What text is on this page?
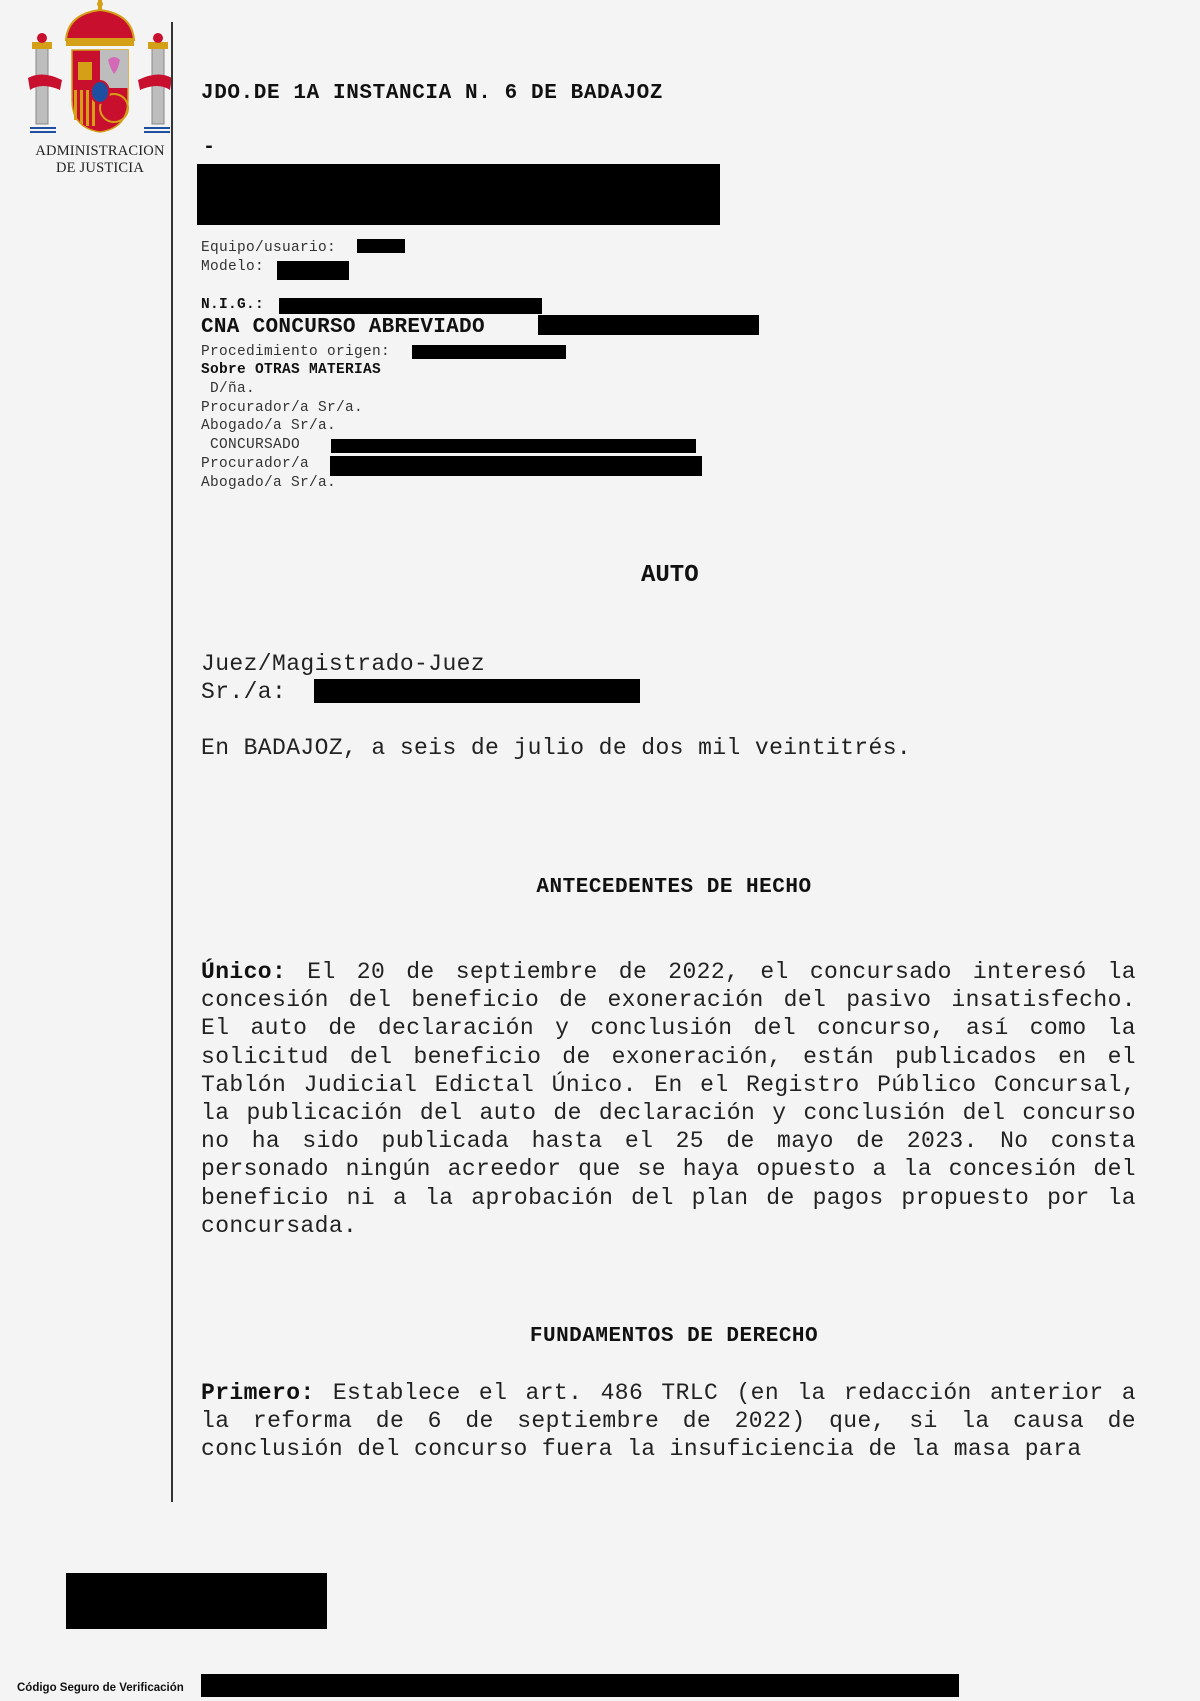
ADMINISTRACION
DE JUSTICIA
JDO.DE 1A INSTANCIA N. 6 DE BADAJOZ
-
Equipo/usuario:
Modelo:
N.I.G.:
CNA CONCURSO ABREVIADO
Procedimiento origen:
Sobre OTRAS MATERIAS
D/ña.
Procurador/a Sr/a.
Abogado/a Sr/a.
CONCURSADO
Procurador/a
Abogado/a Sr/a.
AUTO
Juez/Magistrado-Juez
Sr./a:
En BADAJOZ, a seis de julio de dos mil veintitrés.
ANTECEDENTES DE HECHO
Único: El 20 de septiembre de 2022, el concursado interesó la concesión del beneficio de exoneración del pasivo insatisfecho. El auto de declaración y conclusión del concurso, así como la solicitud del beneficio de exoneración, están publicados en el Tablón Judicial Edictal Único. En el Registro Público Concursal, la publicación del auto de declaración y conclusión del concurso no ha sido publicada hasta el 25 de mayo de 2023. No consta personado ningún acreedor que se haya opuesto a la concesión del beneficio ni a la aprobación del plan de pagos propuesto por la concursada.
FUNDAMENTOS DE DERECHO
Primero: Establece el art. 486 TRLC (en la redacción anterior a la reforma de 6 de septiembre de 2022) que, si la causa de conclusión del concurso fuera la insuficiencia de la masa para
Código Seguro de Verificación
